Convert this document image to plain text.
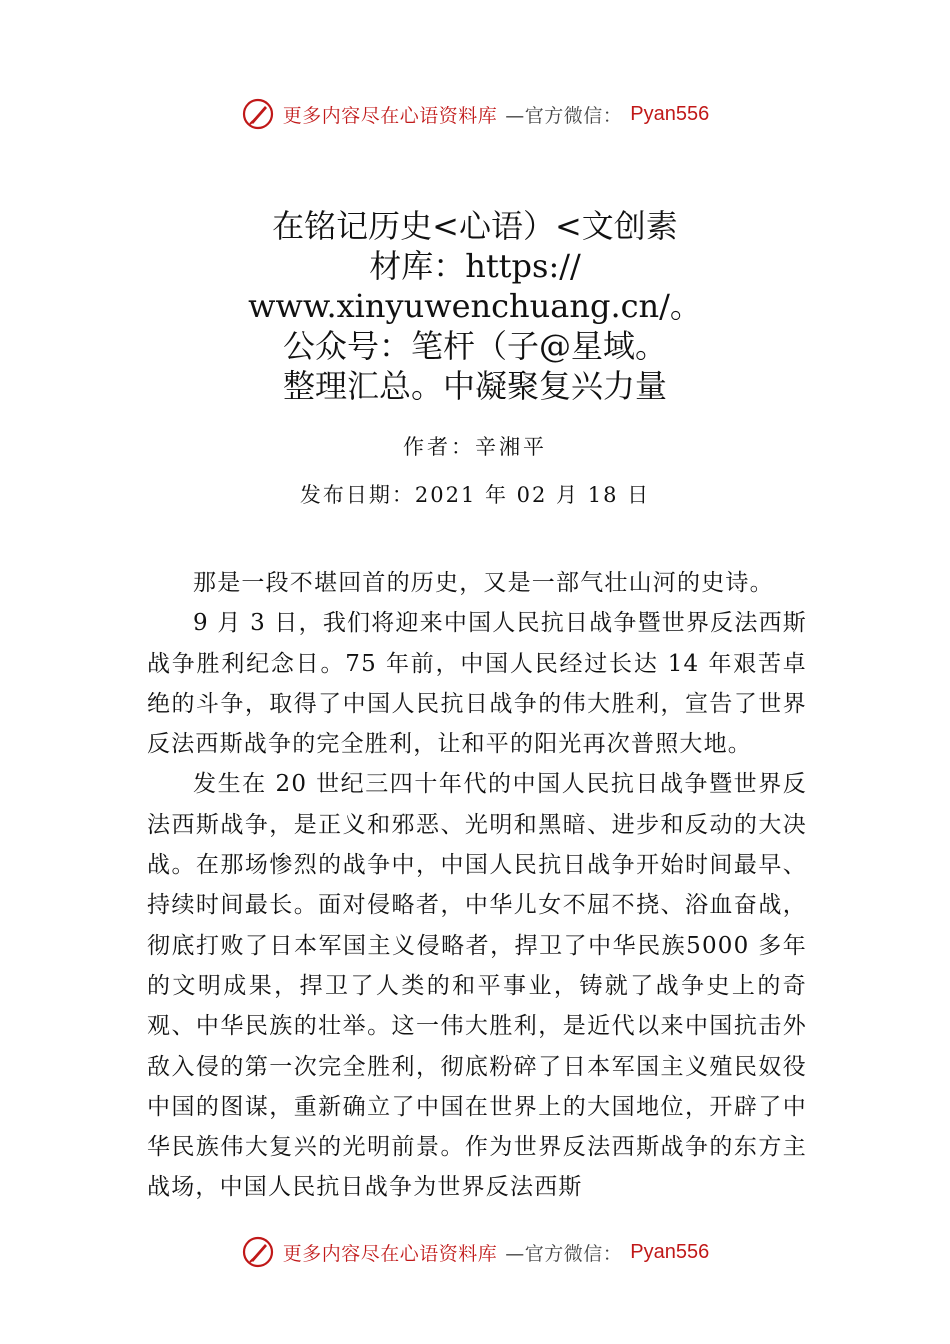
更多内容尽在心语资料库 —官方微信： Pyan556
在铭记历史<心语）<文创素
材库：https://
www.xinyuwenchuang.cn/。
公众号：笔杆（子@星域。
整理汇总。中凝聚复兴力量
作者：辛湘平
发布日期：2021 年 02 月 18 日

那是一段不堪回首的历史，又是一部气壮山河的史诗。

9 月 3 日，我们将迎来中国人民抗日战争暨世界反法西斯战争胜利纪念日。75 年前，中国人民经过长达 14 年艰苦卓绝的斗争，取得了中国人民抗日战争的伟大胜利，宣告了世界反法西斯战争的完全胜利，让和平的阳光再次普照大地。

发生在 20 世纪三四十年代的中国人民抗日战争暨世界反法西斯战争，是正义和邪恶、光明和黑暗、进步和反动的大决战。在那场惨烈的战争中，中国人民抗日战争开始时间最早、持续时间最长。面对侵略者，中华儿女不屈不挠、浴血奋战，彻底打败了日本军国主义侵略者，捍卫了中华民族5000 多年的文明成果，捍卫了人类的和平事业，铸就了战争史上的奇观、中华民族的壮举。这一伟大胜利，是近代以来中国抗击外敌入侵的第一次完全胜利，彻底粉碎了日本军国主义殖民奴役中国的图谋，重新确立了中国在世界上的大国地位，开辟了中华民族伟大复兴的光明前景。作为世界反法西斯战争的东方主战场，中国人民抗日战争为世界反法西斯

更多内容尽在心语资料库 —官方微信： Pyan556
